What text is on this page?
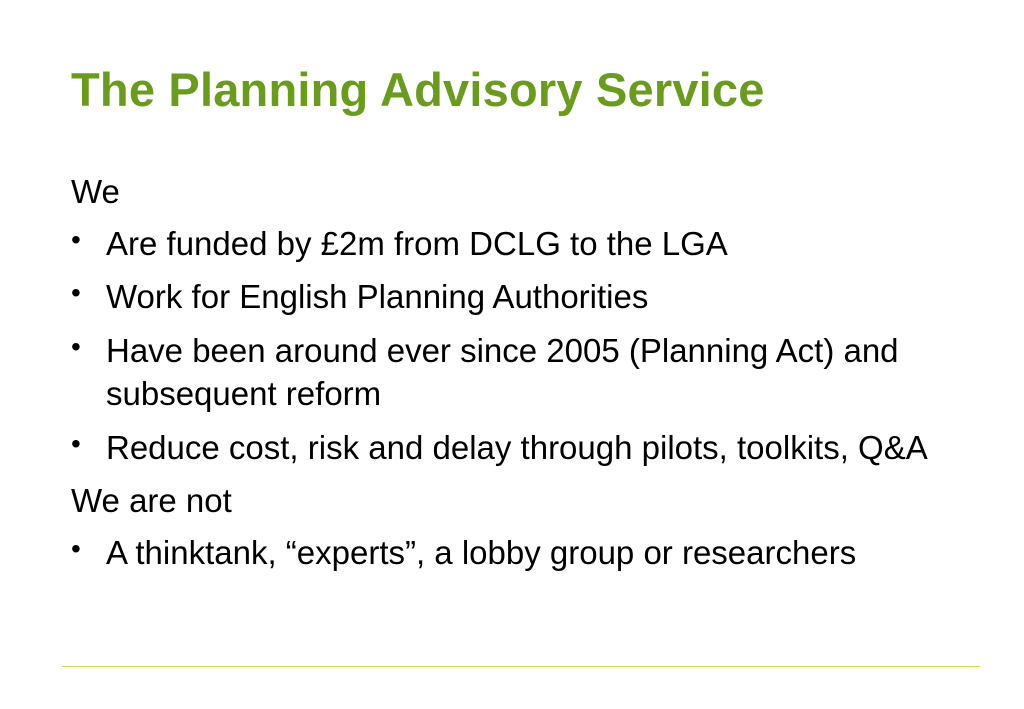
The Planning Advisory Service
We
• Are funded by £2m from DCLG to the LGA
• Work for English Planning Authorities
• Have been around ever since 2005 (Planning Act) and subsequent reform
• Reduce cost, risk and delay through pilots, toolkits, Q&A
We are not
• A thinktank, “experts”, a lobby group or researchers
